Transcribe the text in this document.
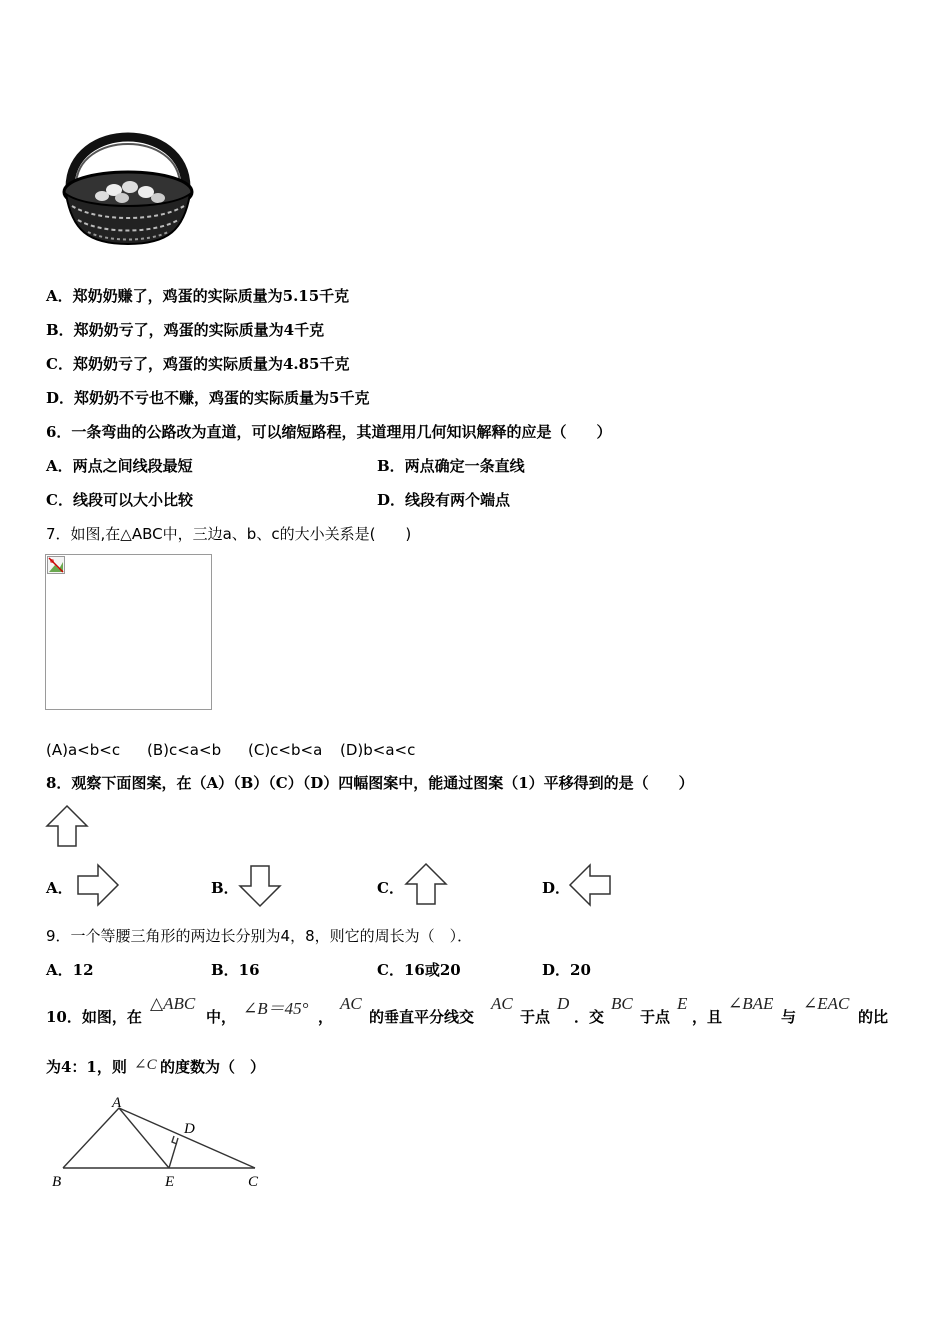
A．郑奶奶赚了，鸡蛋的实际质量为5.15千克
B．郑奶奶亏了，鸡蛋的实际质量为4千克
C．郑奶奶亏了，鸡蛋的实际质量为4.85千克
D．郑奶奶不亏也不赚，鸡蛋的实际质量为5千克
6．一条弯曲的公路改为直道，可以缩短路程，其道理用几何知识解释的应是（　　）
A．两点之间线段最短	B．两点确定一条直线
C．线段可以大小比较	D．线段有两个端点
7．如图,在△ABC中，三边a、b、c的大小关系是(　　)
(A)a<b<c (B)c<a<b (C)c<b<a (D)b<a<c
8．观察下面图案，在（A）（B）（C）（D）四幅图案中，能通过图案（1）平移得到的是（　　）
A．	B．	C．	D．
9．一个等腰三角形的两边长分别为4，8，则它的周长为（　）．
A．12	B．16	C．16或20	D．20
10．如图，在
△ABC
中， ∠B＝45° ，
AC
的垂直平分线交
AC
于点
D
．交
BC
于点
E
，且
∠BAE
与
∠EAC
的比
为4：1，则 ∠C 的度数为（　）
A
B	C
D
E
